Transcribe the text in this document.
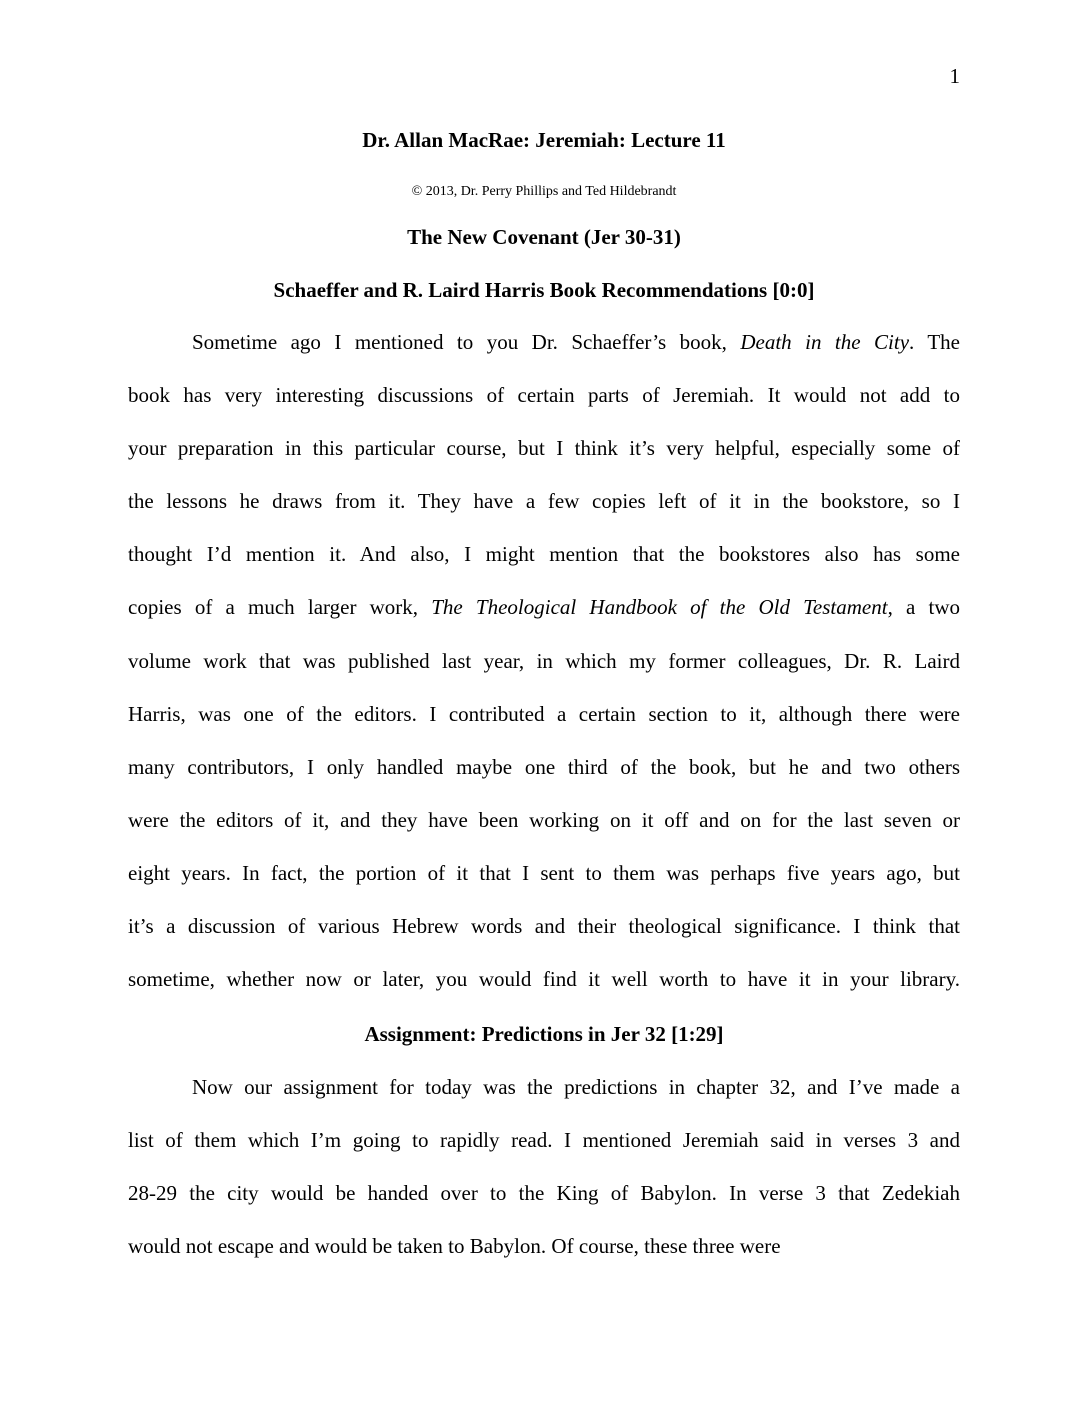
1
Dr. Allan MacRae: Jeremiah: Lecture 11
© 2013, Dr. Perry Phillips and Ted Hildebrandt
The New Covenant (Jer 30-31)
Schaeffer and R. Laird Harris Book Recommendations [0:0]
Sometime ago I mentioned to you Dr. Schaeffer’s book, Death in the City. The
book has very interesting discussions of certain parts of Jeremiah. It would not add to
your preparation in this particular course, but I think it’s very helpful, especially some of
the lessons he draws from it. They have a few copies left of it in the bookstore, so I
thought I’d mention it. And also, I might mention that the bookstores also has some
copies of a much larger work, The Theological Handbook of the Old Testament, a two
volume work that was published last year, in which my former colleagues, Dr. R. Laird
Harris, was one of the editors. I contributed a certain section to it, although there were
many contributors, I only handled maybe one third of the book, but he and two others
were the editors of it, and they have been working on it off and on for the last seven or
eight years. In fact, the portion of it that I sent to them was perhaps five years ago, but
it’s a discussion of various Hebrew words and their theological significance. I think that
sometime, whether now or later, you would find it well worth to have it in your library.
Assignment: Predictions in Jer 32 [1:29]
Now our assignment for today was the predictions in chapter 32, and I’ve made a
list of them which I’m going to rapidly read. I mentioned Jeremiah said in verses 3 and
28-29 the city would be handed over to the King of Babylon. In verse 3 that Zedekiah
would not escape and would be taken to Babylon. Of course, these three were
